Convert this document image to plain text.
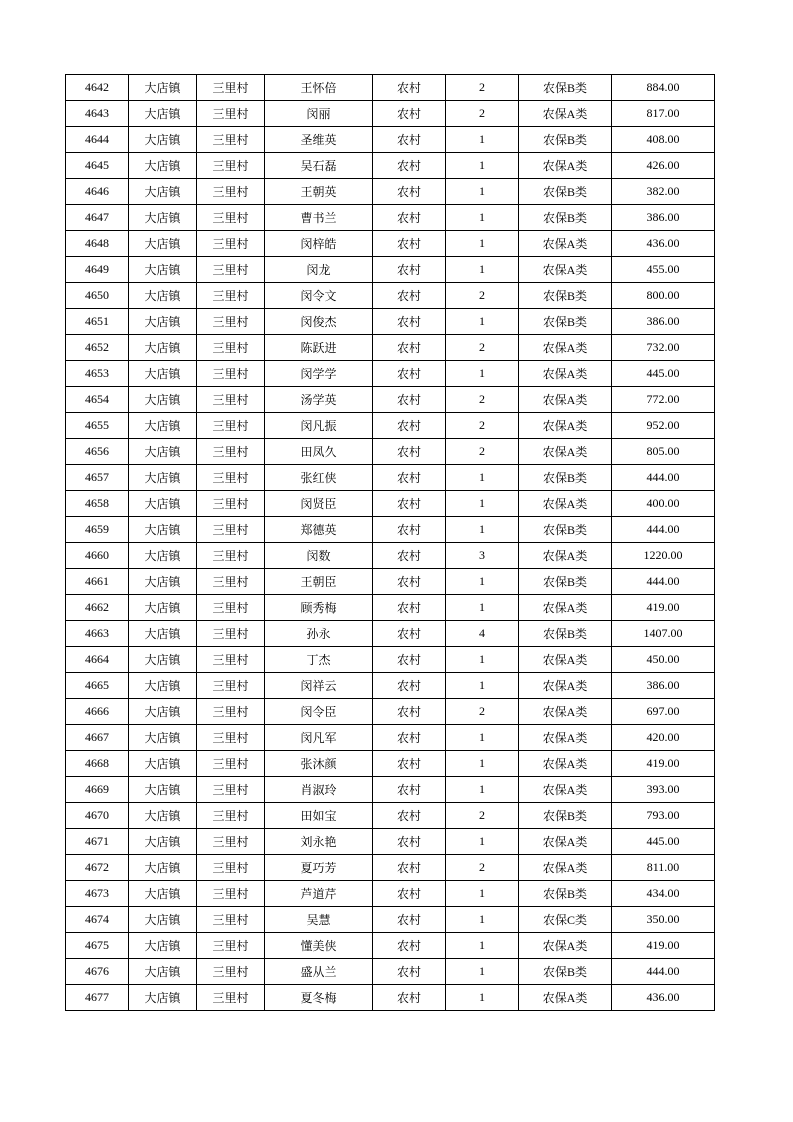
4642	大店镇	三里村	王怀倍	农村	2	农保B类	884.00
4643	大店镇	三里村	闵丽	农村	2	农保A类	817.00
4644	大店镇	三里村	圣维英	农村	1	农保B类	408.00
4645	大店镇	三里村	吴石磊	农村	1	农保A类	426.00
4646	大店镇	三里村	王朝英	农村	1	农保B类	382.00
4647	大店镇	三里村	曹书兰	农村	1	农保B类	386.00
4648	大店镇	三里村	闵梓皓	农村	1	农保A类	436.00
4649	大店镇	三里村	闵龙	农村	1	农保A类	455.00
4650	大店镇	三里村	闵令文	农村	2	农保B类	800.00
4651	大店镇	三里村	闵俊杰	农村	1	农保B类	386.00
4652	大店镇	三里村	陈跃进	农村	2	农保A类	732.00
4653	大店镇	三里村	闵学学	农村	1	农保A类	445.00
4654	大店镇	三里村	汤学英	农村	2	农保A类	772.00
4655	大店镇	三里村	闵凡振	农村	2	农保A类	952.00
4656	大店镇	三里村	田凤久	农村	2	农保A类	805.00
4657	大店镇	三里村	张红侠	农村	1	农保B类	444.00
4658	大店镇	三里村	闵贤臣	农村	1	农保A类	400.00
4659	大店镇	三里村	郑德英	农村	1	农保B类	444.00
4660	大店镇	三里村	闵数	农村	3	农保A类	1220.00
4661	大店镇	三里村	王朝臣	农村	1	农保B类	444.00
4662	大店镇	三里村	顾秀梅	农村	1	农保A类	419.00
4663	大店镇	三里村	孙永	农村	4	农保B类	1407.00
4664	大店镇	三里村	丁杰	农村	1	农保A类	450.00
4665	大店镇	三里村	闵祥云	农村	1	农保A类	386.00
4666	大店镇	三里村	闵令臣	农村	2	农保A类	697.00
4667	大店镇	三里村	闵凡军	农村	1	农保A类	420.00
4668	大店镇	三里村	张沐颜	农村	1	农保A类	419.00
4669	大店镇	三里村	肖淑玲	农村	1	农保A类	393.00
4670	大店镇	三里村	田如宝	农村	2	农保B类	793.00
4671	大店镇	三里村	刘永艳	农村	1	农保A类	445.00
4672	大店镇	三里村	夏巧芳	农村	2	农保A类	811.00
4673	大店镇	三里村	芦道芹	农村	1	农保B类	434.00
4674	大店镇	三里村	吴慧	农村	1	农保C类	350.00
4675	大店镇	三里村	懂美侠	农村	1	农保A类	419.00
4676	大店镇	三里村	盛从兰	农村	1	农保B类	444.00
4677	大店镇	三里村	夏冬梅	农村	1	农保A类	436.00
